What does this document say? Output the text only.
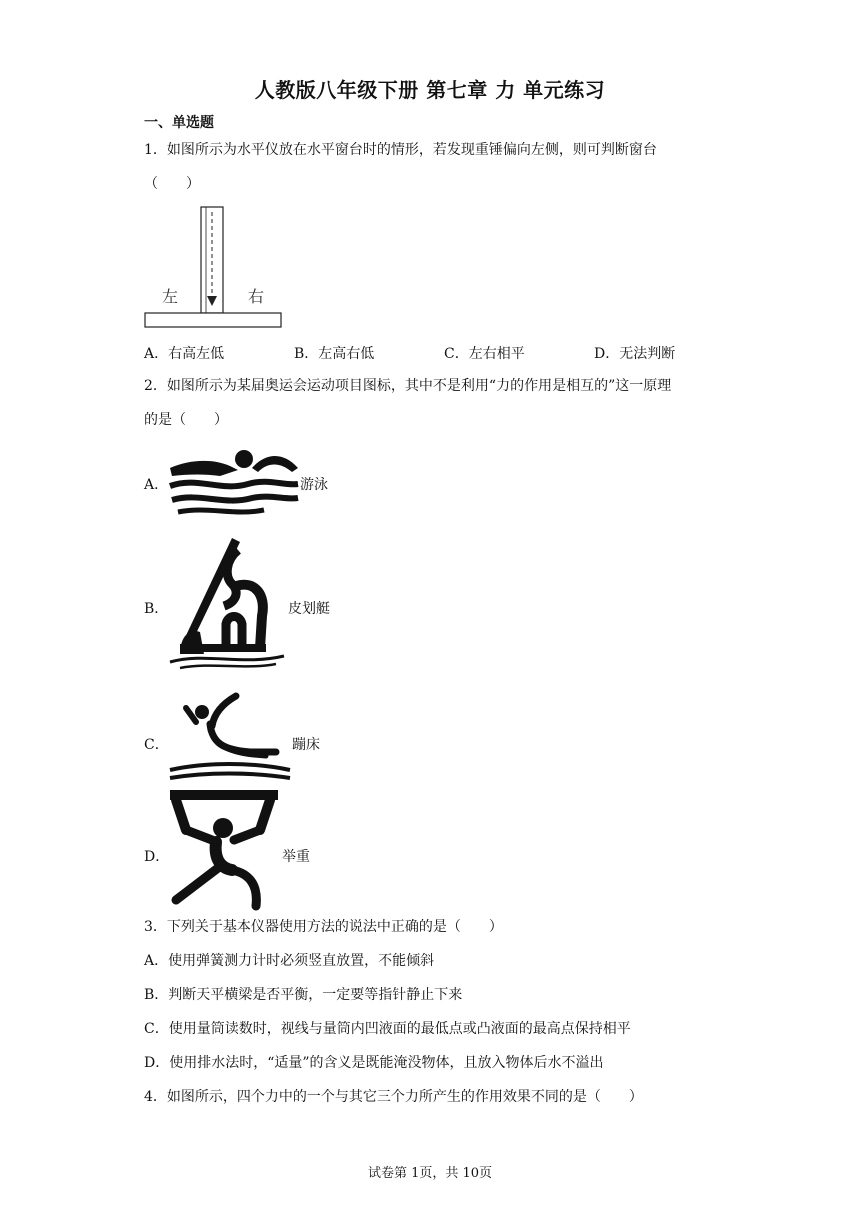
人教版八年级下册 第七章 力 单元练习
一、单选题
1．如图所示为水平仪放在水平窗台时的情形，若发现重锤偏向左侧，则可判断窗台
（　　）
左	右
A．右高左低	B．左高右低	C．左右相平	D．无法判断
2．如图所示为某届奥运会运动项目图标，其中不是利用“力的作用是相互的”这一原理
的是（　　）
A．	游泳
B．	皮划艇
C．	蹦床
D．	举重
3．下列关于基本仪器使用方法的说法中正确的是（　　）
A．使用弹簧测力计时必须竖直放置，不能倾斜
B．判断天平横梁是否平衡，一定要等指针静止下来
C．使用量筒读数时，视线与量筒内凹液面的最低点或凸液面的最高点保持相平
D．使用排水法时，“适量”的含义是既能淹没物体，且放入物体后水不溢出
4．如图所示，四个力中的一个与其它三个力所产生的作用效果不同的是（　　）
试卷第 1页，共 10页
